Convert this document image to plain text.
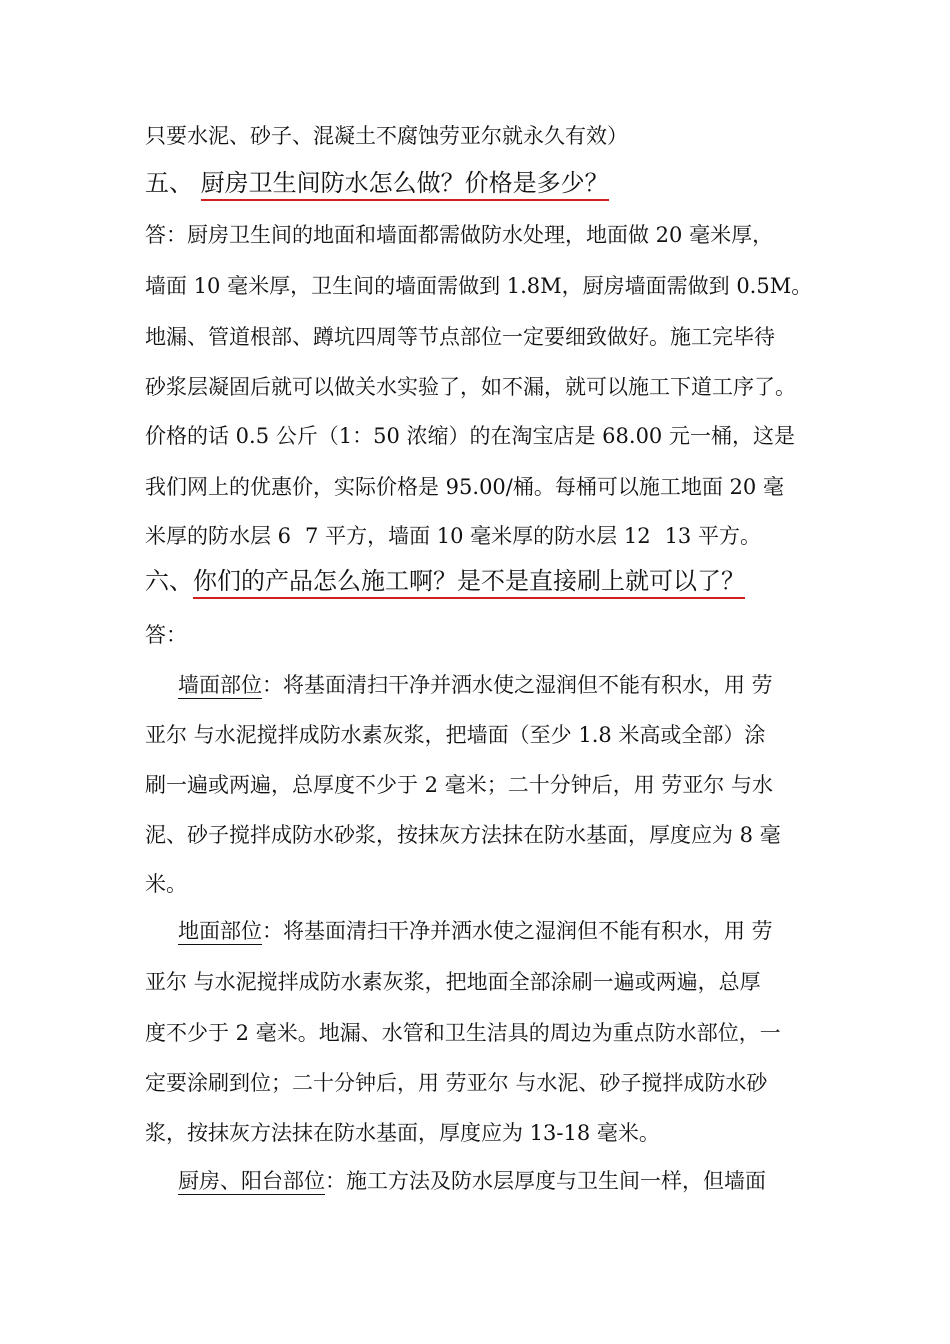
只要水泥、砂子、混凝土不腐蚀劳亚尔就永久有效）
五、 厨房卫生间防水怎么做？价格是多少？
答：厨房卫生间的地面和墙面都需做防水处理，地面做 20 毫米厚，
墙面 10 毫米厚，卫生间的墙面需做到 1.8M，厨房墙面需做到 0.5M。
地漏、管道根部、蹲坑四周等节点部位一定要细致做好。施工完毕待
砂浆层凝固后就可以做关水实验了，如不漏，就可以施工下道工序了。
价格的话 0.5 公斤（1：50 浓缩）的在淘宝店是 68.00 元一桶，这是
我们网上的优惠价，实际价格是 95.00/桶。每桶可以施工地面 20 毫
米厚的防水层 6 7 平方，墙面 10 毫米厚的防水层 12 13 平方。
六、你们的产品怎么施工啊？是不是直接刷上就可以了？
答：
墙面部位：将基面清扫干净并洒水使之湿润但不能有积水，用 劳
亚尔 与水泥搅拌成防水素灰浆，把墙面（至少 1.8 米高或全部）涂
刷一遍或两遍，总厚度不少于 2 毫米；二十分钟后，用 劳亚尔 与水
泥、砂子搅拌成防水砂浆，按抹灰方法抹在防水基面，厚度应为 8 毫
米。
地面部位：将基面清扫干净并洒水使之湿润但不能有积水，用 劳
亚尔 与水泥搅拌成防水素灰浆，把地面全部涂刷一遍或两遍，总厚
度不少于 2 毫米。地漏、水管和卫生洁具的周边为重点防水部位，一
定要涂刷到位；二十分钟后，用 劳亚尔 与水泥、砂子搅拌成防水砂
浆，按抹灰方法抹在防水基面，厚度应为 13-18 毫米。
厨房、阳台部位：施工方法及防水层厚度与卫生间一样，但墙面
